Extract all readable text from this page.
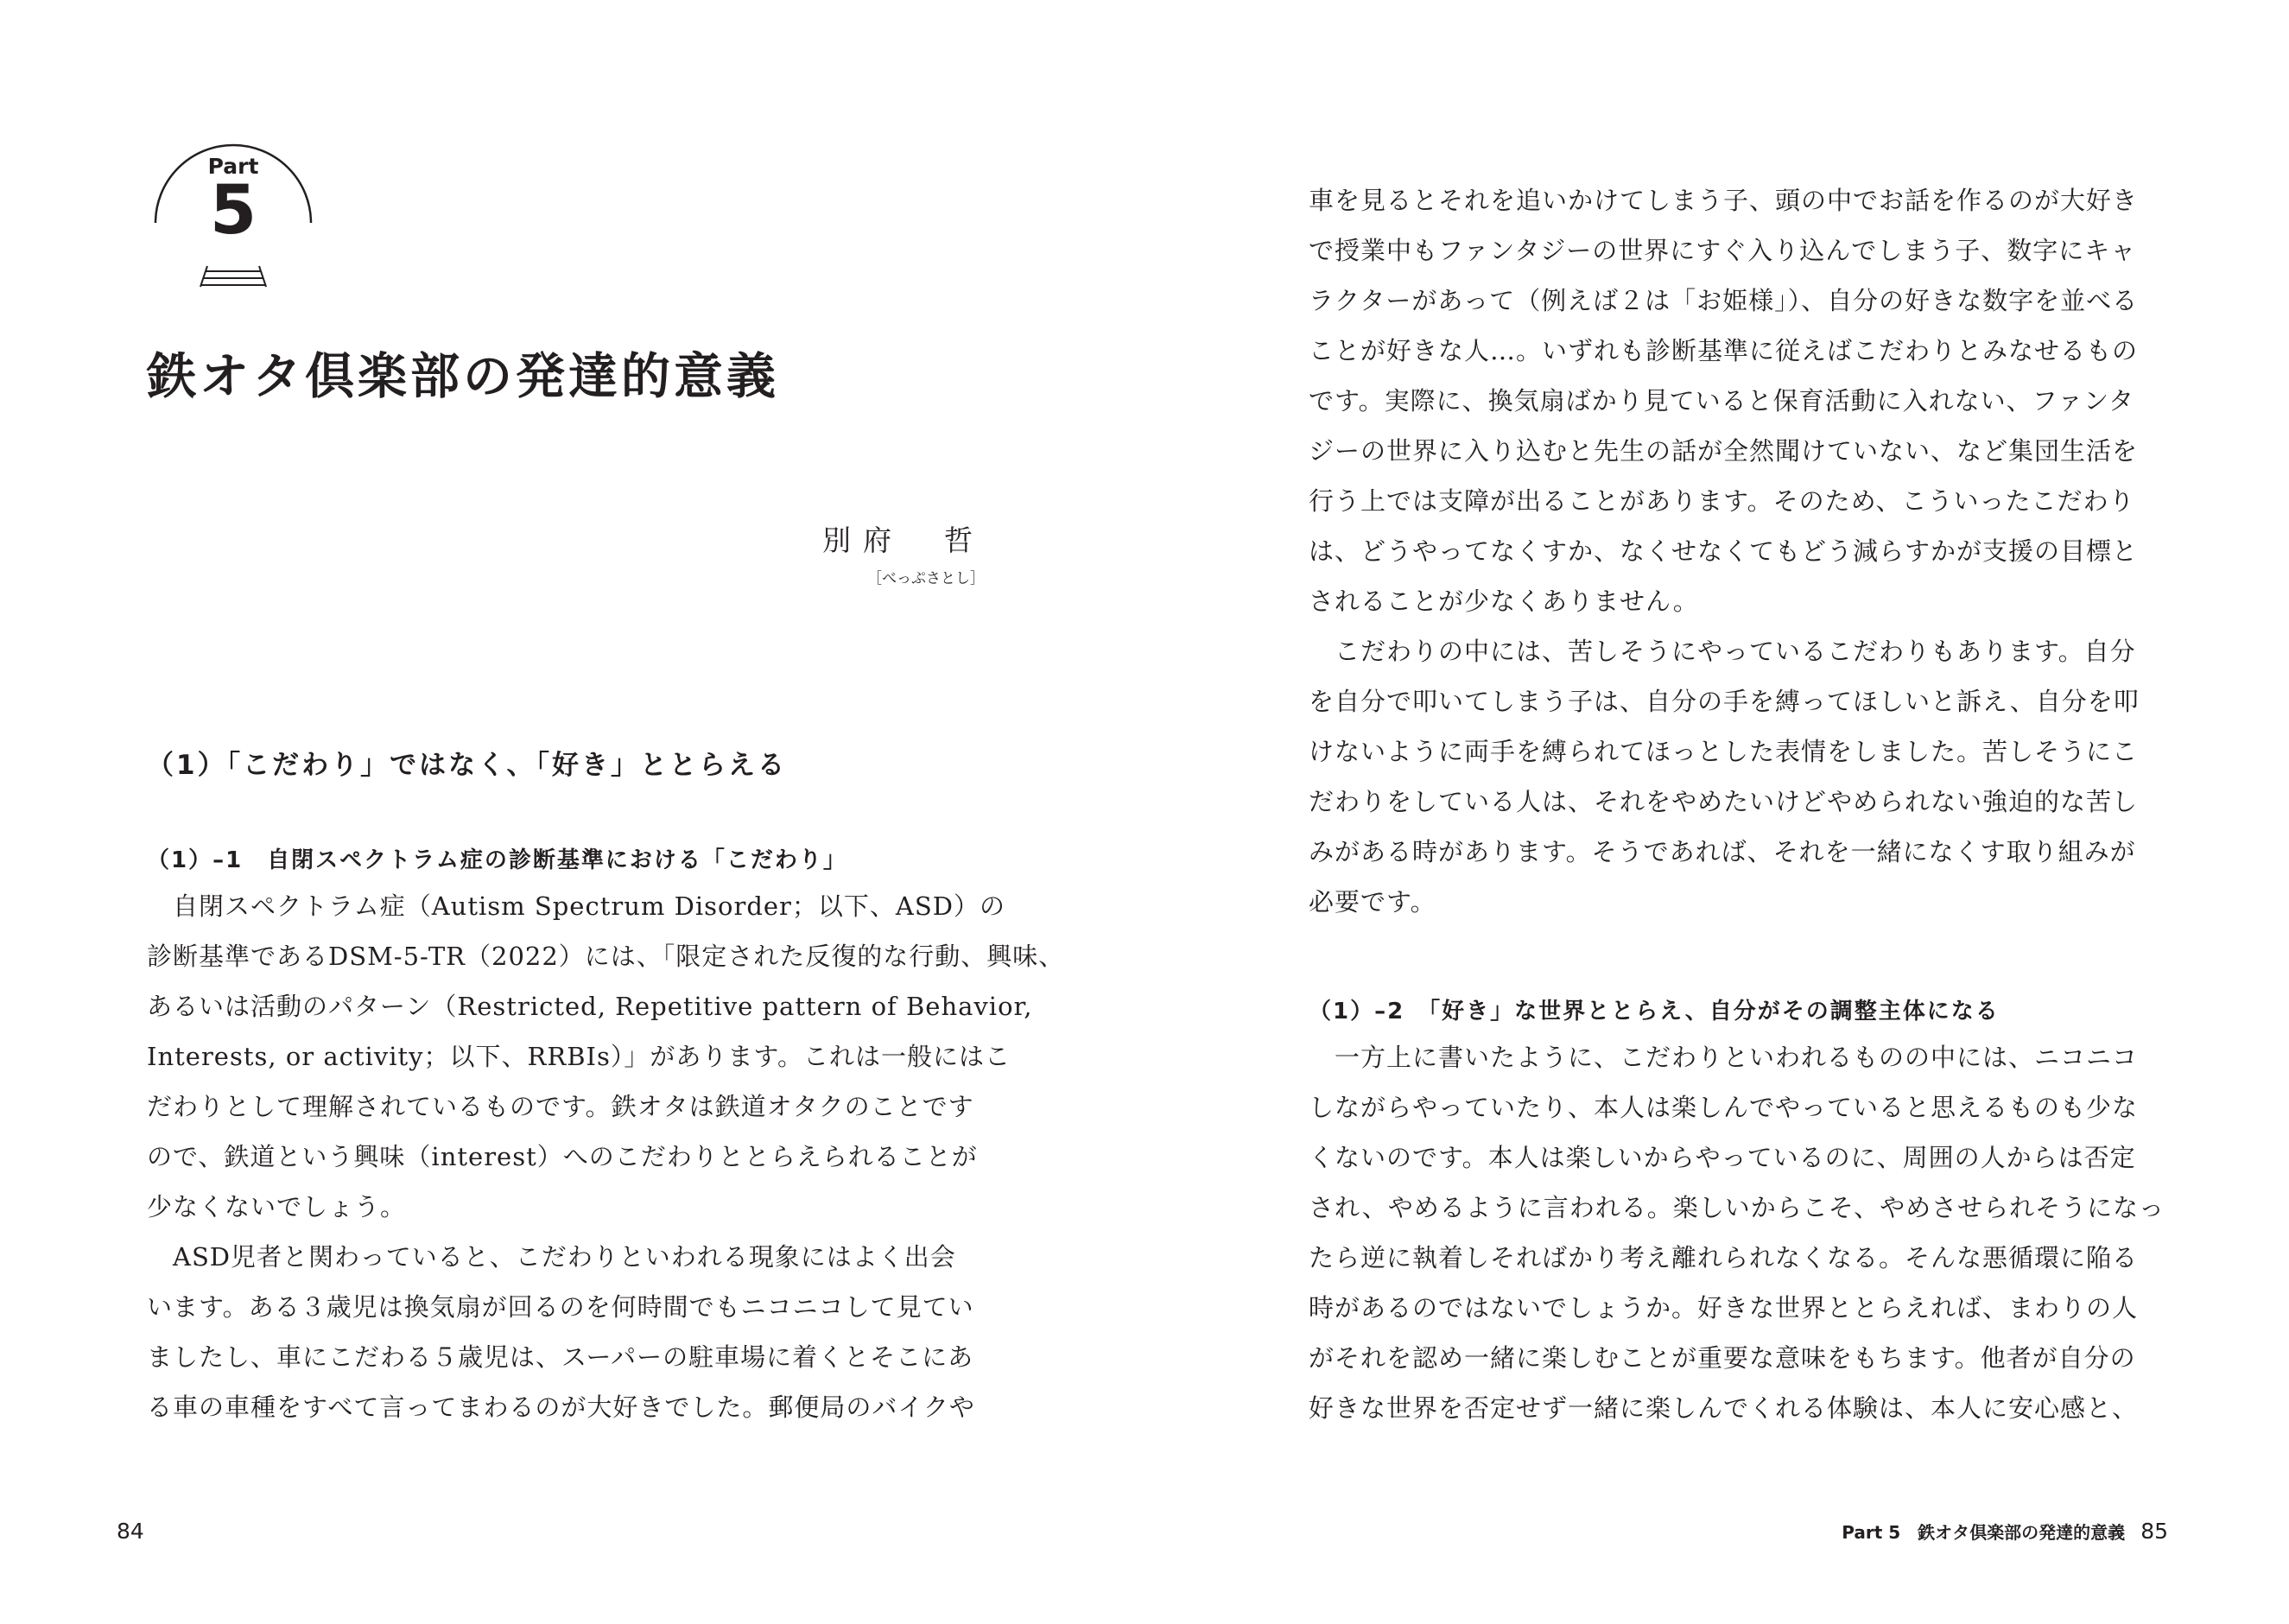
Part
5
鉄オタ倶楽部の発達的意義
別府　哲
［べっぷさとし］
（1）「こだわり」ではなく、「好き」ととらえる
（1）–1　自閉スペクトラム症の診断基準における「こだわり」
　自閉スペクトラム症（Autism Spectrum Disorder；以下、ASD）の
診断基準であるDSM-5-TR（2022）には、「限定された反復的な行動、興味、
あるいは活動のパターン（Restricted, Repetitive pattern of Behavior,
Interests, or activity；以下、RRBIs）」があります。これは一般にはこ
だわりとして理解されているものです。鉄オタは鉄道オタクのことです
ので、鉄道という興味（interest）へのこだわりととらえられることが
少なくないでしょう。
　ASD児者と関わっていると、こだわりといわれる現象にはよく出会
います。ある３歳児は換気扇が回るのを何時間でもニコニコして見てい
ましたし、車にこだわる５歳児は、スーパーの駐車場に着くとそこにあ
る車の車種をすべて言ってまわるのが大好きでした。郵便局のバイクや
84
車を見るとそれを追いかけてしまう子、頭の中でお話を作るのが大好き
で授業中もファンタジーの世界にすぐ入り込んでしまう子、数字にキャ
ラクターがあって（例えば２は「お姫様」）、自分の好きな数字を並べる
ことが好きな人…。いずれも診断基準に従えばこだわりとみなせるもの
です。実際に、換気扇ばかり見ていると保育活動に入れない、ファンタ
ジーの世界に入り込むと先生の話が全然聞けていない、など集団生活を
行う上では支障が出ることがあります。そのため、こういったこだわり
は、どうやってなくすか、なくせなくてもどう減らすかが支援の目標と
されることが少なくありません。
　こだわりの中には、苦しそうにやっているこだわりもあります。自分
を自分で叩いてしまう子は、自分の手を縛ってほしいと訴え、自分を叩
けないように両手を縛られてほっとした表情をしました。苦しそうにこ
だわりをしている人は、それをやめたいけどやめられない強迫的な苦し
みがある時があります。そうであれば、それを一緒になくす取り組みが
必要です。
（1）–2　「好き」な世界ととらえ、自分がその調整主体になる
　一方上に書いたように、こだわりといわれるものの中には、ニコニコ
しながらやっていたり、本人は楽しんでやっていると思えるものも少な
くないのです。本人は楽しいからやっているのに、周囲の人からは否定
され、やめるように言われる。楽しいからこそ、やめさせられそうになっ
たら逆に執着しそればかり考え離れられなくなる。そんな悪循環に陥る
時があるのではないでしょうか。好きな世界ととらえれば、まわりの人
がそれを認め一緒に楽しむことが重要な意味をもちます。他者が自分の
好きな世界を否定せず一緒に楽しんでくれる体験は、本人に安心感と、
Part 5　鉄オタ倶楽部の発達的意義 85
